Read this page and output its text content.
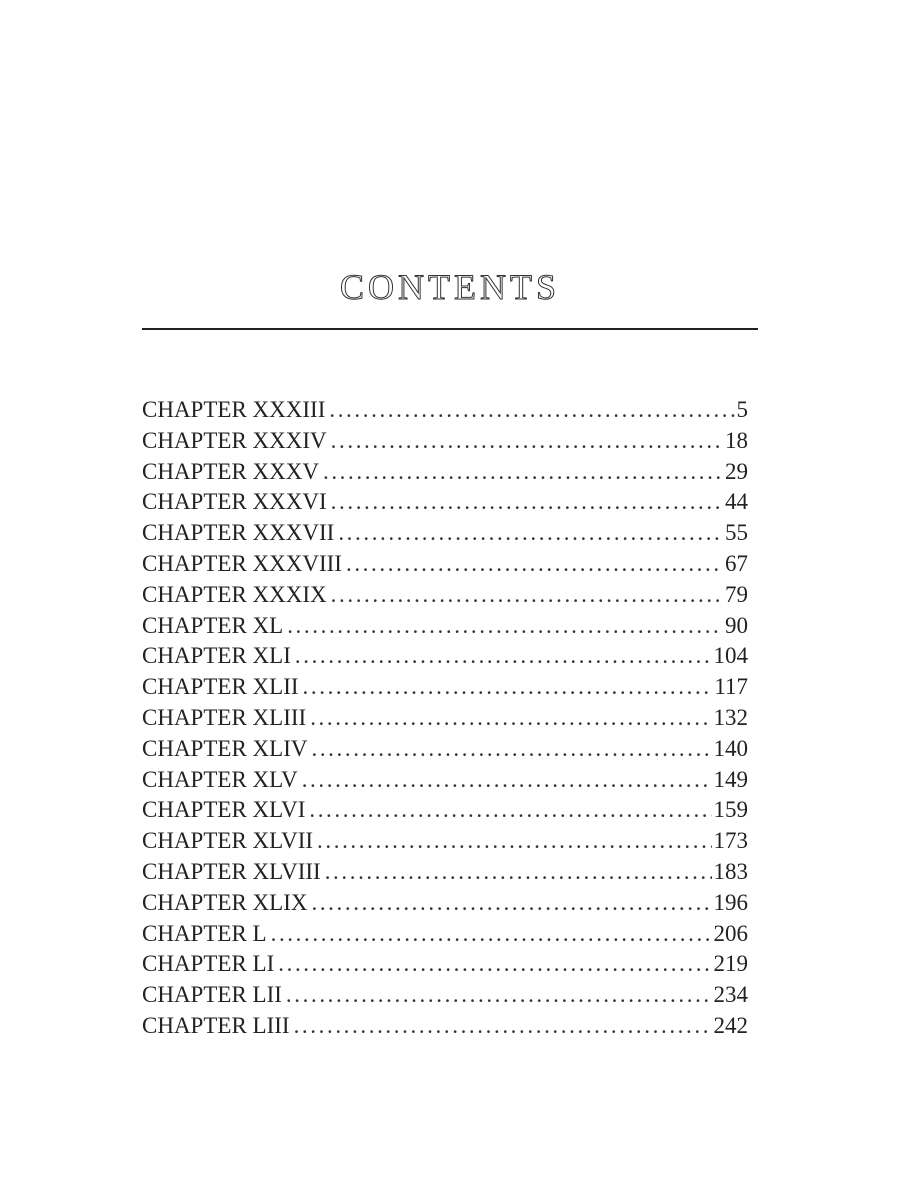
CONTENTS
CHAPTER XXXIII .....	5
CHAPTER XXXIV .....	18
CHAPTER XXXV .....	29
CHAPTER XXXVI .....	44
CHAPTER XXXVII .....	55
CHAPTER XXXVIII .....	67
CHAPTER XXXIX .....	79
CHAPTER XL .....	90
CHAPTER XLI .....	104
CHAPTER XLII .....	117
CHAPTER XLIII .....	132
CHAPTER XLIV .....	140
CHAPTER XLV .....	149
CHAPTER XLVI .....	159
CHAPTER XLVII .....	173
CHAPTER XLVIII .....	183
CHAPTER XLIX .....	196
CHAPTER L .....	206
CHAPTER LI .....	219
CHAPTER LII .....	234
CHAPTER LIII .....	242
